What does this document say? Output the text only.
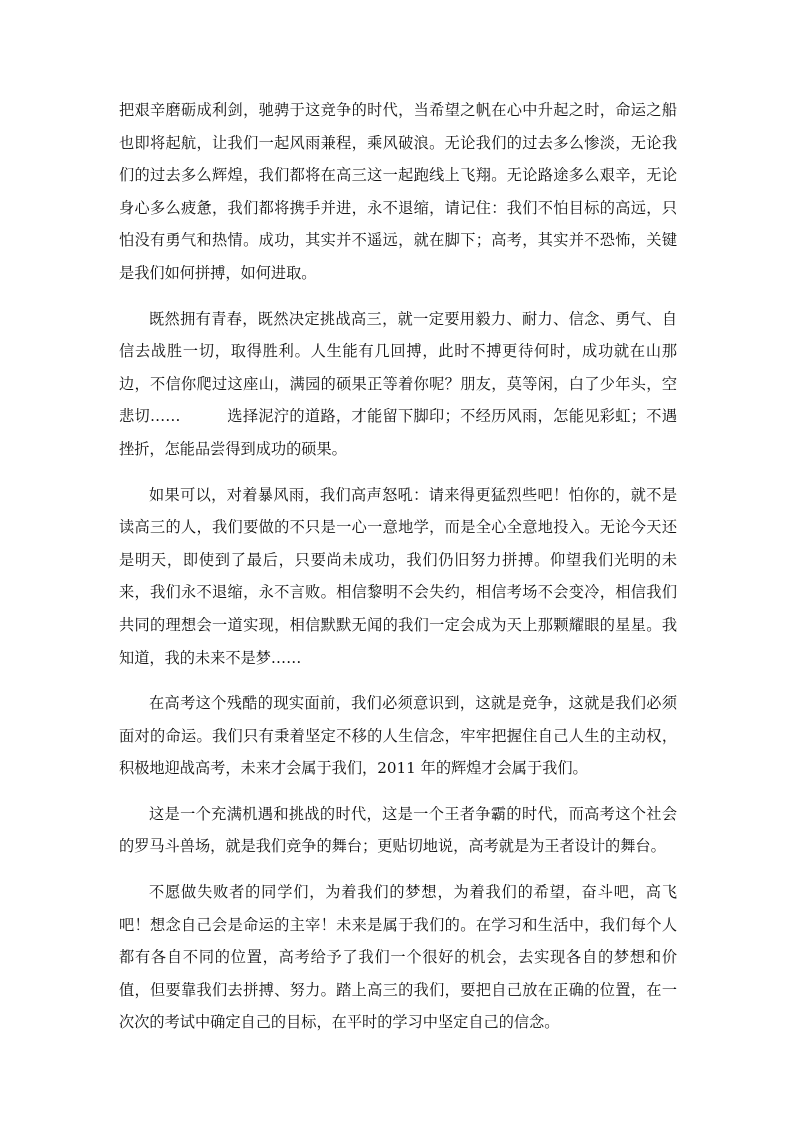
把艰辛磨砺成利剑，驰骋于这竞争的时代，当希望之帆在心中升起之时，命运之船也即将起航，让我们一起风雨兼程，乘风破浪。无论我们的过去多么惨淡，无论我们的过去多么辉煌，我们都将在高三这一起跑线上飞翔。无论路途多么艰辛，无论身心多么疲惫，我们都将携手并进，永不退缩，请记住：我们不怕目标的高远，只怕没有勇气和热情。成功，其实并不遥远，就在脚下；高考，其实并不恐怖，关键是我们如何拼搏，如何进取。

既然拥有青春，既然决定挑战高三，就一定要用毅力、耐力、信念、勇气、自信去战胜一切，取得胜利。人生能有几回搏，此时不搏更待何时，成功就在山那边，不信你爬过这座山，满园的硕果正等着你呢？朋友，莫等闲，白了少年头，空悲切……　　　选择泥泞的道路，才能留下脚印；不经历风雨，怎能见彩虹；不遇挫折，怎能品尝得到成功的硕果。

如果可以，对着暴风雨，我们高声怒吼：请来得更猛烈些吧！怕你的，就不是读高三的人，我们要做的不只是一心一意地学，而是全心全意地投入。无论今天还是明天，即使到了最后，只要尚未成功，我们仍旧努力拼搏。仰望我们光明的未来，我们永不退缩，永不言败。相信黎明不会失约，相信考场不会变冷，相信我们共同的理想会一道实现，相信默默无闻的我们一定会成为天上那颗耀眼的星星。我知道，我的未来不是梦……

在高考这个残酷的现实面前，我们必须意识到，这就是竞争，这就是我们必须面对的命运。我们只有秉着坚定不移的人生信念，牢牢把握住自己人生的主动权，积极地迎战高考，未来才会属于我们，2011 年的辉煌才会属于我们。

这是一个充满机遇和挑战的时代，这是一个王者争霸的时代，而高考这个社会的罗马斗兽场，就是我们竞争的舞台；更贴切地说，高考就是为王者设计的舞台。

不愿做失败者的同学们，为着我们的梦想，为着我们的希望，奋斗吧，高飞吧！想念自己会是命运的主宰！未来是属于我们的。在学习和生活中，我们每个人都有各自不同的位置，高考给予了我们一个很好的机会，去实现各自的梦想和价值，但要靠我们去拼搏、努力。踏上高三的我们，要把自己放在正确的位置，在一次次的考试中确定自己的目标，在平时的学习中坚定自己的信念。
